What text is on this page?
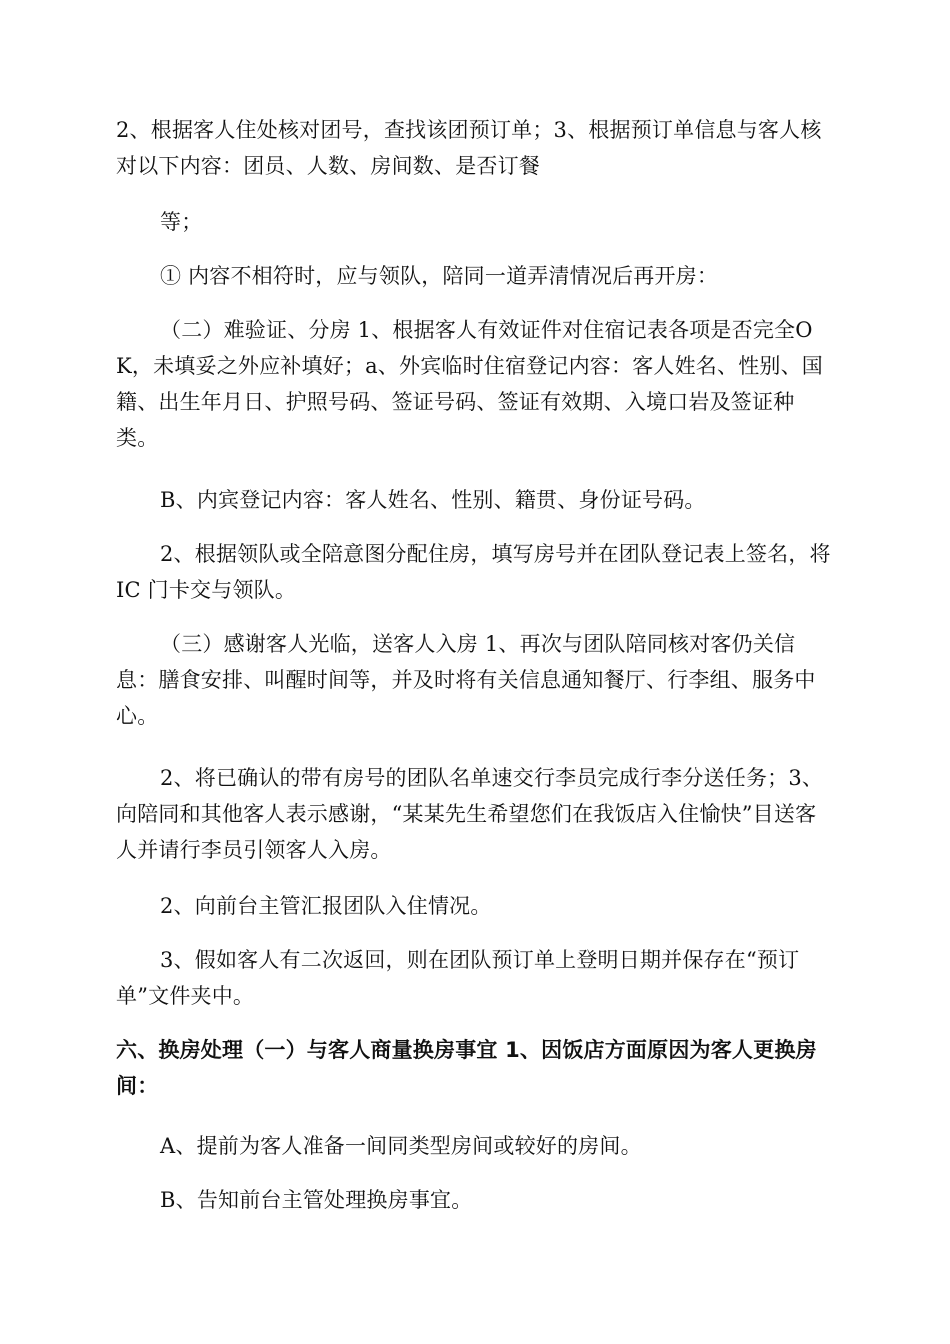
2、根据客人住处核对团号，查找该团预订单；3、根据预订单信息与客人核对以下内容：团员、人数、房间数、是否订餐

等；

① 内容不相符时，应与领队，陪同一道弄清情况后再开房：

（二）难验证、分房 1、根据客人有效证件对住宿记表各项是否完全OK，未填妥之外应补填好；a、外宾临时住宿登记内容：客人姓名、性别、国籍、出生年月日、护照号码、签证号码、签证有效期、入境口岩及签证种类。

B、内宾登记内容：客人姓名、性别、籍贯、身份证号码。

2、根据领队或全陪意图分配住房，填写房号并在团队登记表上签名，将 IC 门卡交与领队。

（三）感谢客人光临，送客人入房 1、再次与团队陪同核对客仍关信息：膳食安排、叫醒时间等，并及时将有关信息通知餐厅、行李组、服务中心。

2、将已确认的带有房号的团队名单速交行李员完成行李分送任务；3、向陪同和其他客人表示感谢，“某某先生希望您们在我饭店入住愉快”目送客人并请行李员引领客人入房。

2、向前台主管汇报团队入住情况。

3、假如客人有二次返回，则在团队预订单上登明日期并保存在“预订单”文件夹中。

六、换房处理（一）与客人商量换房事宜 1、因饭店方面原因为客人更换房间：

A、提前为客人准备一间同类型房间或较好的房间。

B、告知前台主管处理换房事宜。
